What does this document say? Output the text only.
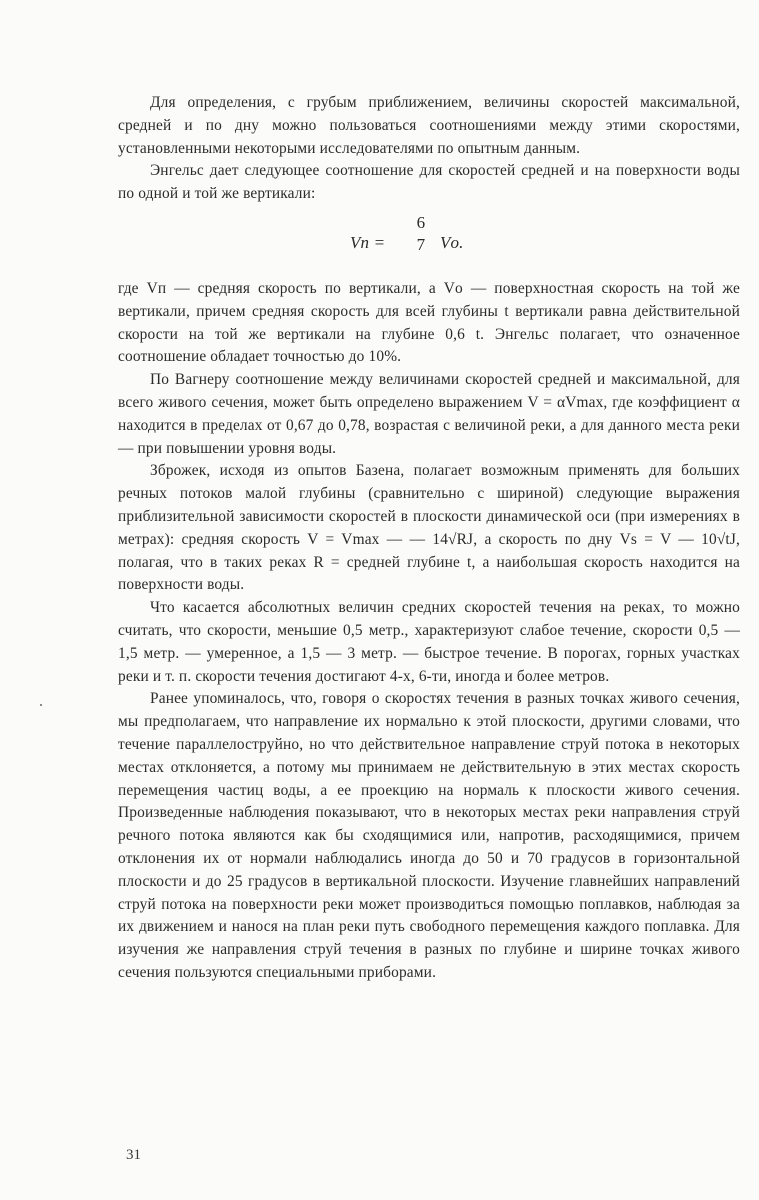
Для определения, с грубым приближением, величины скоростей максимальной, средней и по дну можно пользоваться соотношениями между этими скоростями, установленными некоторыми исследователями по опытным данным.

Энгельс дает следующее соотношение для скоростей средней и на поверхности воды по одной и той же вертикали:

Vп =
6
7 Vо.

где Vп — средняя скорость по вертикали, а Vо — поверхностная скорость на той же вертикали, причем средняя скорость для всей глубины t вертикали равна действительной скорости на той же вертикали на глубине 0,6 t. Энгельс полагает, что означенное соотношение обладает точностью до 10%.

По Вагнеру соотношение между величинами скоростей средней и максимальной, для всего живого сечения, может быть определено выражением V = αVmax, где коэффициент α находится в пределах от 0,67 до 0,78, возрастая с величиной реки, а для данного места реки — при повышении уровня воды.

Зброжек, исходя из опытов Базена, полагает возможным применять для больших речных потоков малой глубины (сравнительно с шириной) следующие выражения приблизительной зависимости скоростей в плоскости динамической оси (при измерениях в метрах): средняя скорость V = Vmax — — 14√RJ, а скорость по дну Vs = V — 10√tJ, полагая, что в таких реках R = средней глубине t, а наибольшая скорость находится на поверхности воды.

Что касается абсолютных величин средних скоростей течения на реках, то можно считать, что скорости, меньшие 0,5 метр., характеризуют слабое течение, скорости 0,5 — 1,5 метр. — умеренное, а 1,5 — 3 метр. — быстрое течение. В порогах, горных участках реки и т. п. скорости течения достигают 4-х, 6-ти, иногда и более метров.

Ранее упоминалось, что, говоря о скоростях течения в разных точках живого сечения, мы предполагаем, что направление их нормально к этой плоскости, другими словами, что течение параллелоструйно, но что действительное направление струй потока в некоторых местах отклоняется, а потому мы принимаем не действительную в этих местах скорость перемещения частиц воды, а ее проекцию на нормаль к плоскости живого сечения. Произведенные наблюдения показывают, что в некоторых местах реки направления струй речного потока являются как бы сходящимися или, напротив, расходящимися, причем отклонения их от нормали наблюдались иногда до 50 и 70 градусов в горизонтальной плоскости и до 25 градусов в вертикальной плоскости. Изучение главнейших направлений струй потока на поверхности реки может производиться помощью поплавков, наблюдая за их движением и нанося на план реки путь свободного перемещения каждого поплавка. Для изучения же направления струй течения в разных по глубине и ширине точках живого сечения пользуются специальными приборами.

31
